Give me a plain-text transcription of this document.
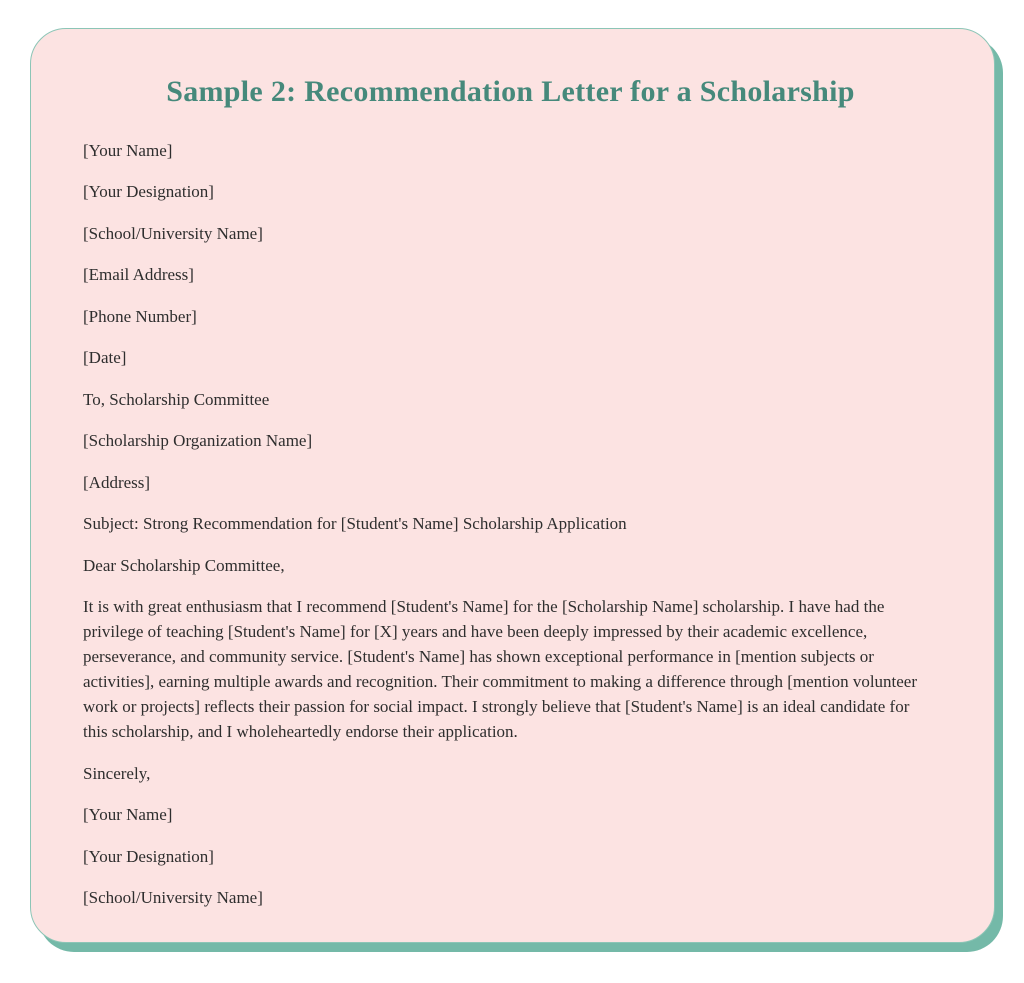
Sample 2: Recommendation Letter for a Scholarship

[Your Name]

[Your Designation]

[School/University Name]

[Email Address]

[Phone Number]

[Date]

To, Scholarship Committee

[Scholarship Organization Name]

[Address]

Subject: Strong Recommendation for [Student's Name] Scholarship Application

Dear Scholarship Committee,

It is with great enthusiasm that I recommend [Student's Name] for the [Scholarship Name] scholarship. I have had the privilege of teaching [Student's Name] for [X] years and have been deeply impressed by their academic excellence, perseverance, and community service. [Student's Name] has shown exceptional performance in [mention subjects or activities], earning multiple awards and recognition. Their commitment to making a difference through [mention volunteer work or projects] reflects their passion for social impact. I strongly believe that [Student's Name] is an ideal candidate for this scholarship, and I wholeheartedly endorse their application.

Sincerely,

[Your Name]

[Your Designation]

[School/University Name]
